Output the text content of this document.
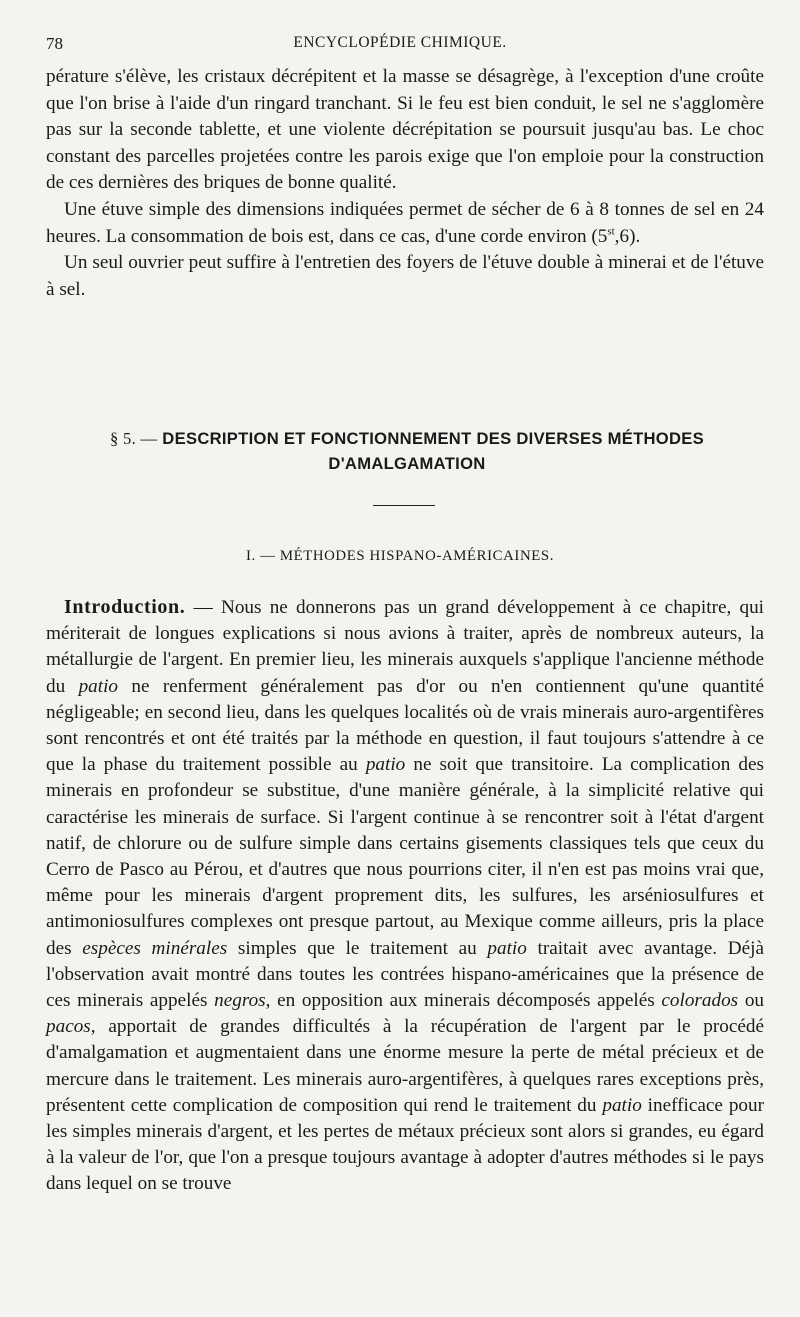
78	ENCYCLOPÉDIE CHIMIQUE.

pérature s'élève, les cristaux décrépitent et la masse se désagrège, à l'exception d'une croûte que l'on brise à l'aide d'un ringard tranchant. Si le feu est bien conduit, le sel ne s'agglomère pas sur la seconde tablette, et une violente décrépitation se poursuit jusqu'au bas. Le choc constant des parcelles projetées contre les parois exige que l'on emploie pour la construction de ces dernières des briques de bonne qualité.

Une étuve simple des dimensions indiquées permet de sécher de 6 à 8 tonnes de sel en 24 heures. La consommation de bois est, dans ce cas, d'une corde environ (5st,6).

Un seul ouvrier peut suffire à l'entretien des foyers de l'étuve double à minerai et de l'étuve à sel.

§ 5. — DESCRIPTION ET FONCTIONNEMENT DES DIVERSES MÉTHODES
D'AMALGAMATION
I. — MÉTHODES HISPANO-AMÉRICAINES.

Introduction. — Nous ne donnerons pas un grand développement à ce chapitre, qui mériterait de longues explications si nous avions à traiter, après de nombreux auteurs, la métallurgie de l'argent. En premier lieu, les minerais auxquels s'applique l'ancienne méthode du patio ne renferment généralement pas d'or ou n'en contiennent qu'une quantité négligeable; en second lieu, dans les quelques localités où de vrais minerais auro-argentifères sont rencontrés et ont été traités par la méthode en question, il faut toujours s'attendre à ce que la phase du traitement possible au patio ne soit que transitoire. La complication des minerais en profondeur se substitue, d'une manière générale, à la simplicité relative qui caractérise les minerais de surface. Si l'argent continue à se rencontrer soit à l'état d'argent natif, de chlorure ou de sulfure simple dans certains gisements classiques tels que ceux du Cerro de Pasco au Pérou, et d'autres que nous pourrions citer, il n'en est pas moins vrai que, même pour les minerais d'argent proprement dits, les sulfures, les arséniosulfures et antimoniosulfures complexes ont presque partout, au Mexique comme ailleurs, pris la place des espèces minérales simples que le traitement au patio traitait avec avantage. Déjà l'observation avait montré dans toutes les contrées hispano-américaines que la présence de ces minerais appelés negros, en opposition aux minerais décomposés appelés colorados ou pacos, apportait de grandes difficultés à la récupération de l'argent par le procédé d'amalgamation et augmentaient dans une énorme mesure la perte de métal précieux et de mercure dans le traitement. Les minerais auro-argentifères, à quelques rares exceptions près, présentent cette complication de composition qui rend le traitement du patio inefficace pour les simples minerais d'argent, et les pertes de métaux précieux sont alors si grandes, eu égard à la valeur de l'or, que l'on a presque toujours avantage à adopter d'autres méthodes si le pays dans lequel on se trouve
